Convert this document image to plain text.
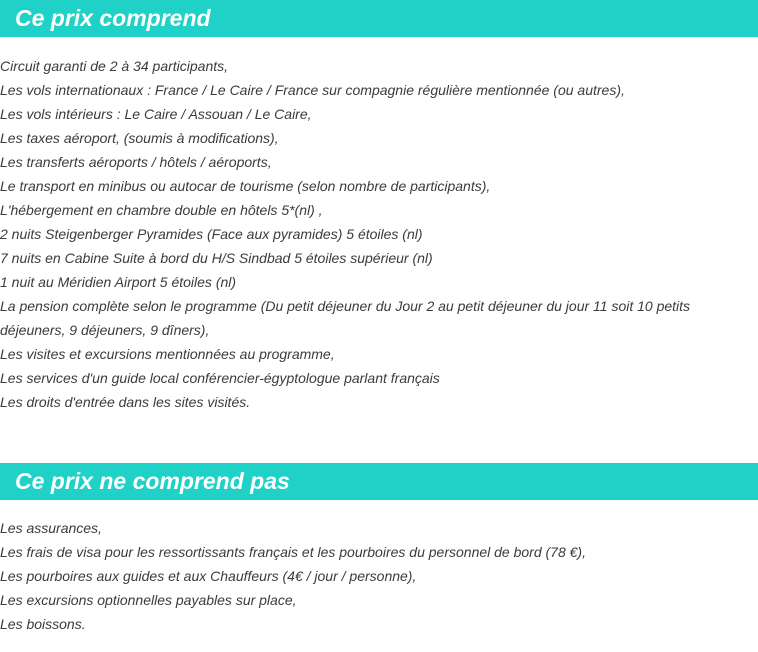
Ce prix comprend
Circuit garanti de 2 à 34 participants,
Les vols internationaux : France / Le Caire / France sur compagnie régulière mentionnée (ou autres),
Les vols intérieurs : Le Caire / Assouan / Le Caire,
Les taxes aéroport, (soumis à modifications),
Les transferts aéroports / hôtels / aéroports,
Le transport en minibus ou autocar de tourisme (selon nombre de participants),
L'hébergement en chambre double en hôtels 5*(nl) ,
2 nuits Steigenberger Pyramides (Face aux pyramides) 5 étoiles (nl)
7 nuits en Cabine Suite à bord du H/S Sindbad 5 étoiles supérieur (nl)
1 nuit au Méridien Airport 5 étoiles (nl)
La pension complète selon le programme (Du petit déjeuner du Jour 2 au petit déjeuner du jour 11 soit 10 petits déjeuners, 9 déjeuners, 9 dîners),
Les visites et excursions mentionnées au programme,
Les services d'un guide local conférencier-égyptologue parlant français
Les droits d'entrée dans les sites visités.
Ce prix ne comprend pas
Les assurances,
Les frais de visa pour les ressortissants français et les pourboires du personnel de bord (78 €),
Les pourboires aux guides et aux Chauffeurs (4€ / jour / personne),
Les excursions optionnelles payables sur place,
Les boissons.
